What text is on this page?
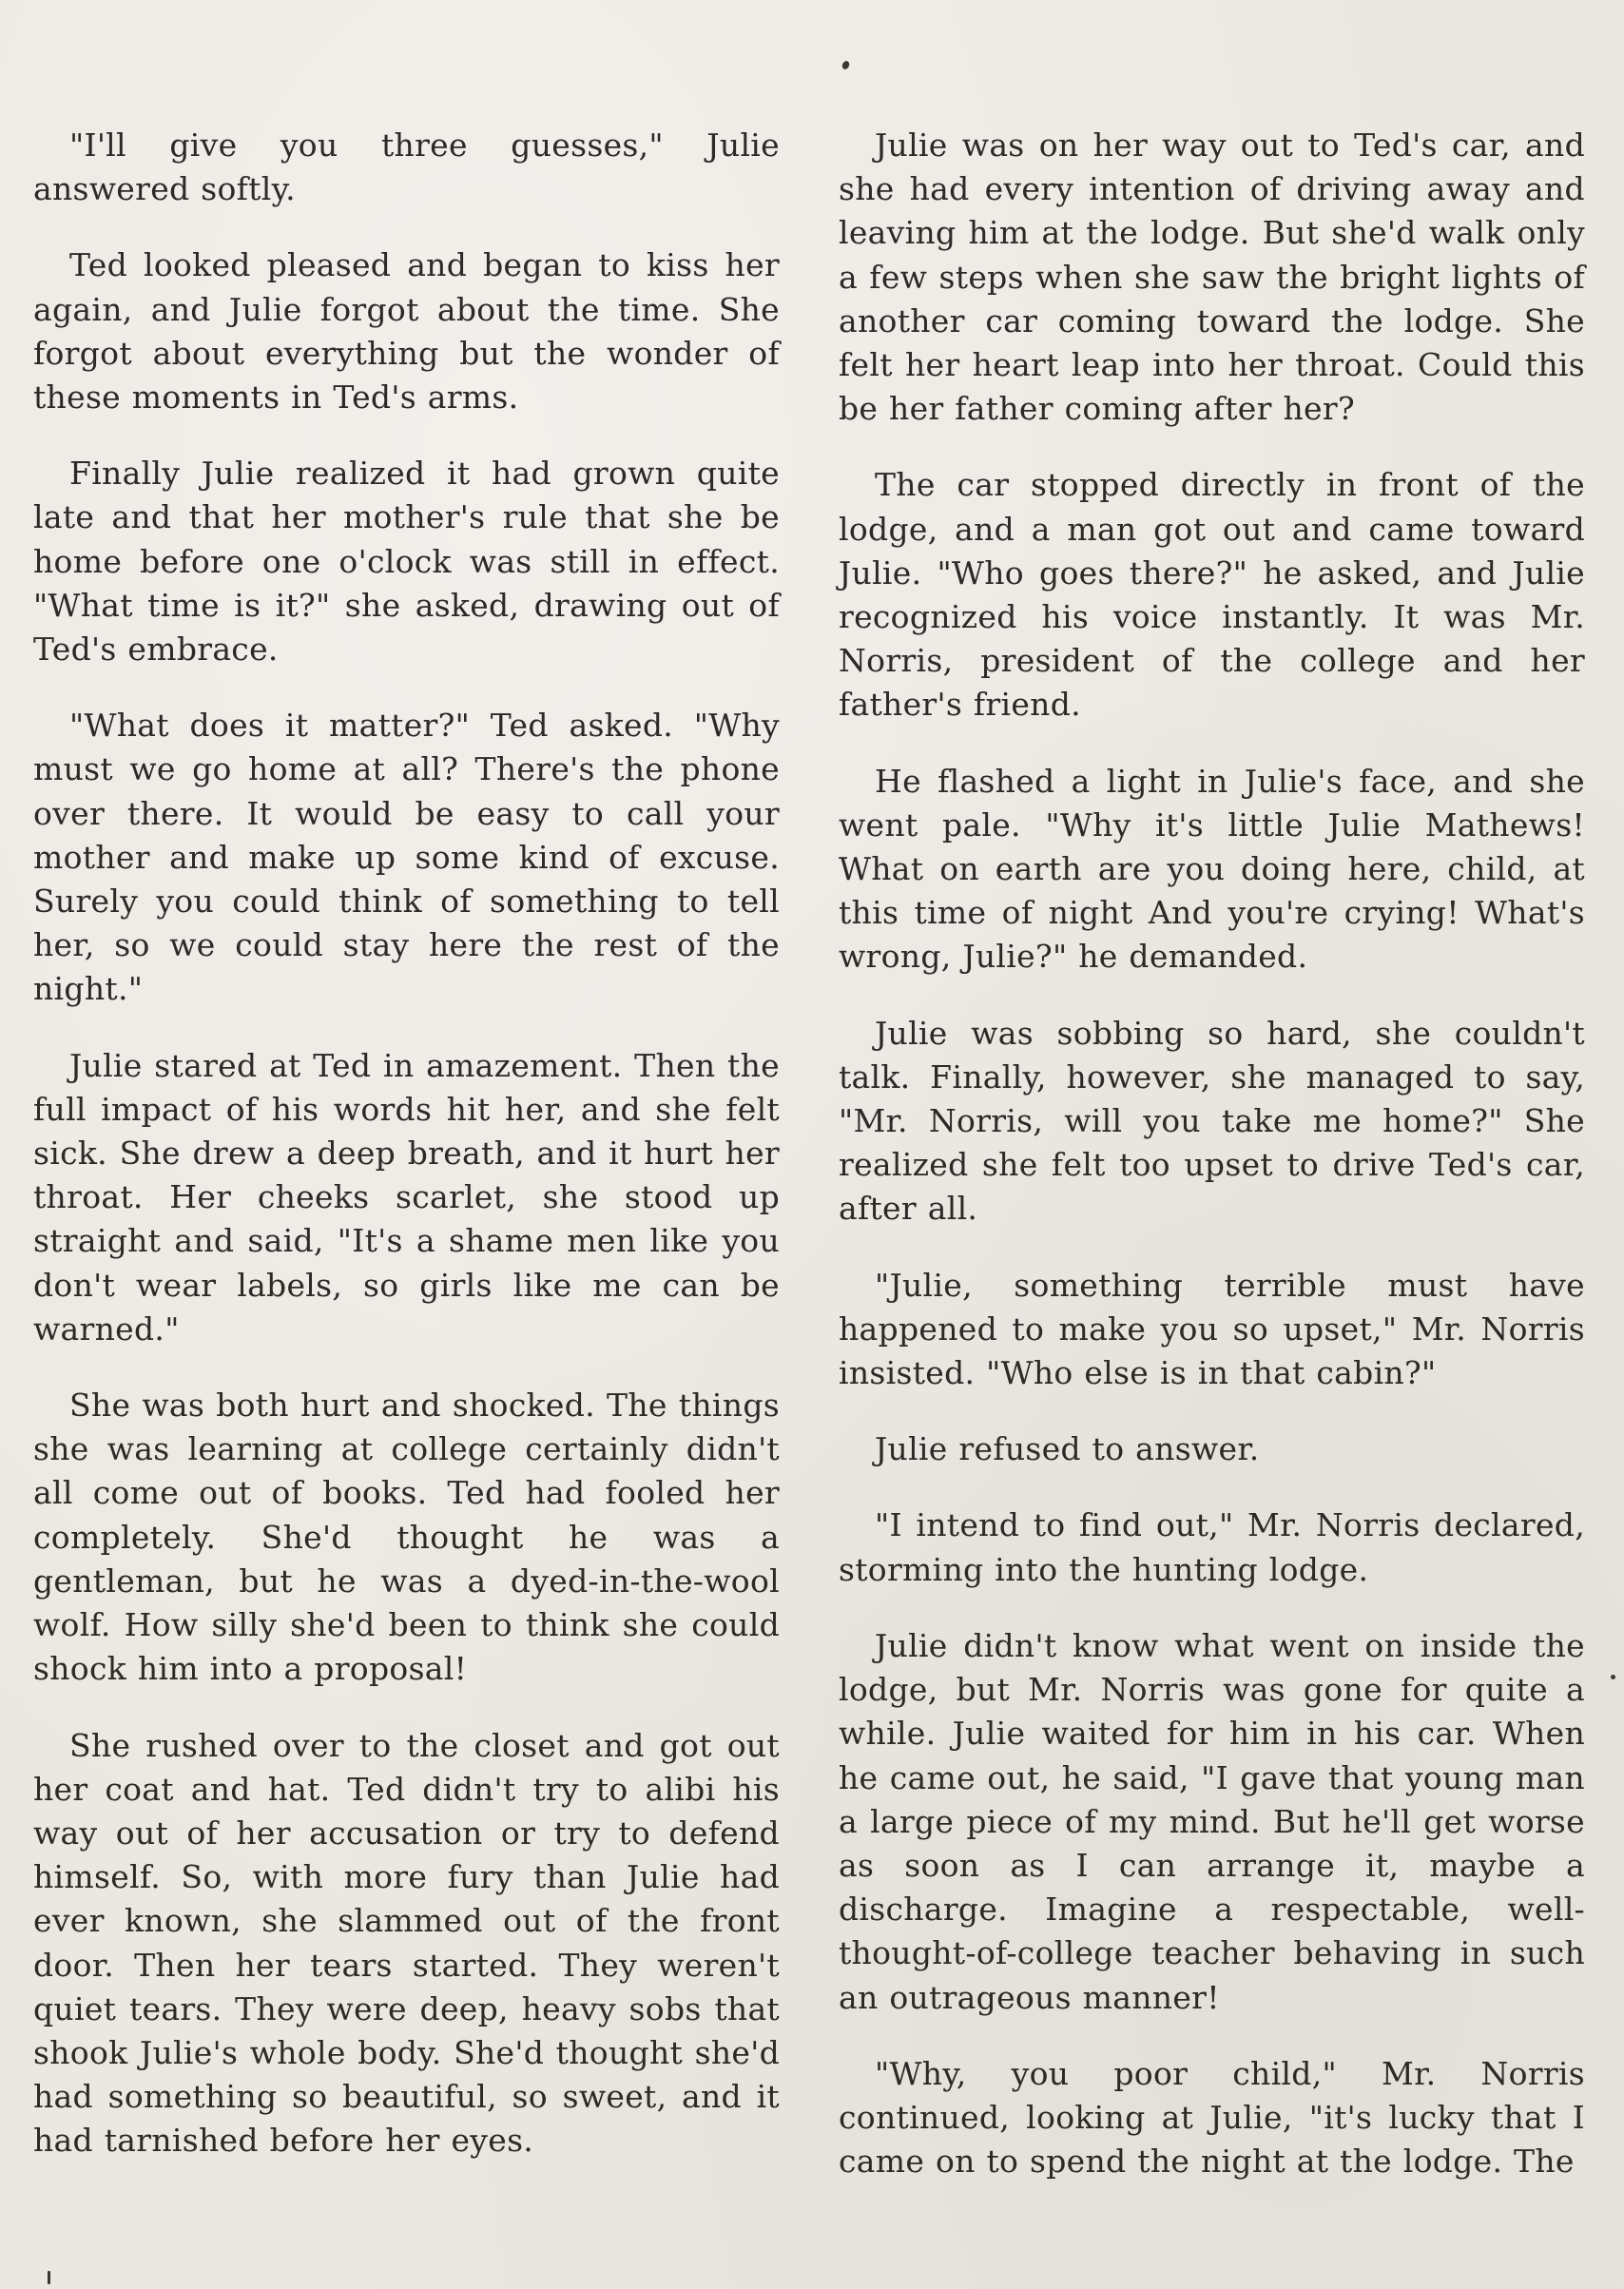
"I'll give you three guesses," Julie answered softly.

Ted looked pleased and began to kiss her again, and Julie forgot about the time. She forgot about everything but the wonder of these moments in Ted's arms.

Finally Julie realized it had grown quite late and that her mother's rule that she be home before one o'clock was still in effect. "What time is it?" she asked, drawing out of Ted's embrace.

"What does it matter?" Ted asked. "Why must we go home at all? There's the phone over there. It would be easy to call your mother and make up some kind of excuse. Surely you could think of something to tell her, so we could stay here the rest of the night."

Julie stared at Ted in amazement. Then the full impact of his words hit her, and she felt sick. She drew a deep breath, and it hurt her throat. Her cheeks scarlet, she stood up straight and said, "It's a shame men like you don't wear labels, so girls like me can be warned."

She was both hurt and shocked. The things she was learning at college certainly didn't all come out of books. Ted had fooled her completely. She'd thought he was a gentleman, but he was a dyed-in-the-wool wolf. How silly she'd been to think she could shock him into a proposal!

She rushed over to the closet and got out her coat and hat. Ted didn't try to alibi his way out of her accusation or try to defend himself. So, with more fury than Julie had ever known, she slammed out of the front door. Then her tears started. They weren't quiet tears. They were deep, heavy sobs that shook Julie's whole body. She'd thought she'd had something so beautiful, so sweet, and it had tarnished before her eyes.

Julie was on her way out to Ted's car, and she had every intention of driving away and leaving him at the lodge. But she'd walk only a few steps when she saw the bright lights of another car coming toward the lodge. She felt her heart leap into her throat. Could this be her father coming after her?

The car stopped directly in front of the lodge, and a man got out and came toward Julie. "Who goes there?" he asked, and Julie recognized his voice instantly. It was Mr. Norris, president of the college and her father's friend.

He flashed a light in Julie's face, and she went pale. "Why it's little Julie Mathews! What on earth are you doing here, child, at this time of night And you're crying! What's wrong, Julie?" he demanded.

Julie was sobbing so hard, she couldn't talk. Finally, however, she managed to say, "Mr. Norris, will you take me home?" She realized she felt too upset to drive Ted's car, after all.

"Julie, something terrible must have happened to make you so upset," Mr. Norris insisted. "Who else is in that cabin?"

Julie refused to answer.

"I intend to find out," Mr. Norris declared, storming into the hunting lodge.

Julie didn't know what went on inside the lodge, but Mr. Norris was gone for quite a while. Julie waited for him in his car. When he came out, he said, "I gave that young man a large piece of my mind. But he'll get worse as soon as I can arrange it, maybe a discharge. Imagine a respectable, well-thought-of-college teacher behaving in such an outrageous manner!

"Why, you poor child," Mr. Norris continued, looking at Julie, "it's lucky that I came on to spend the night at the lodge. The
